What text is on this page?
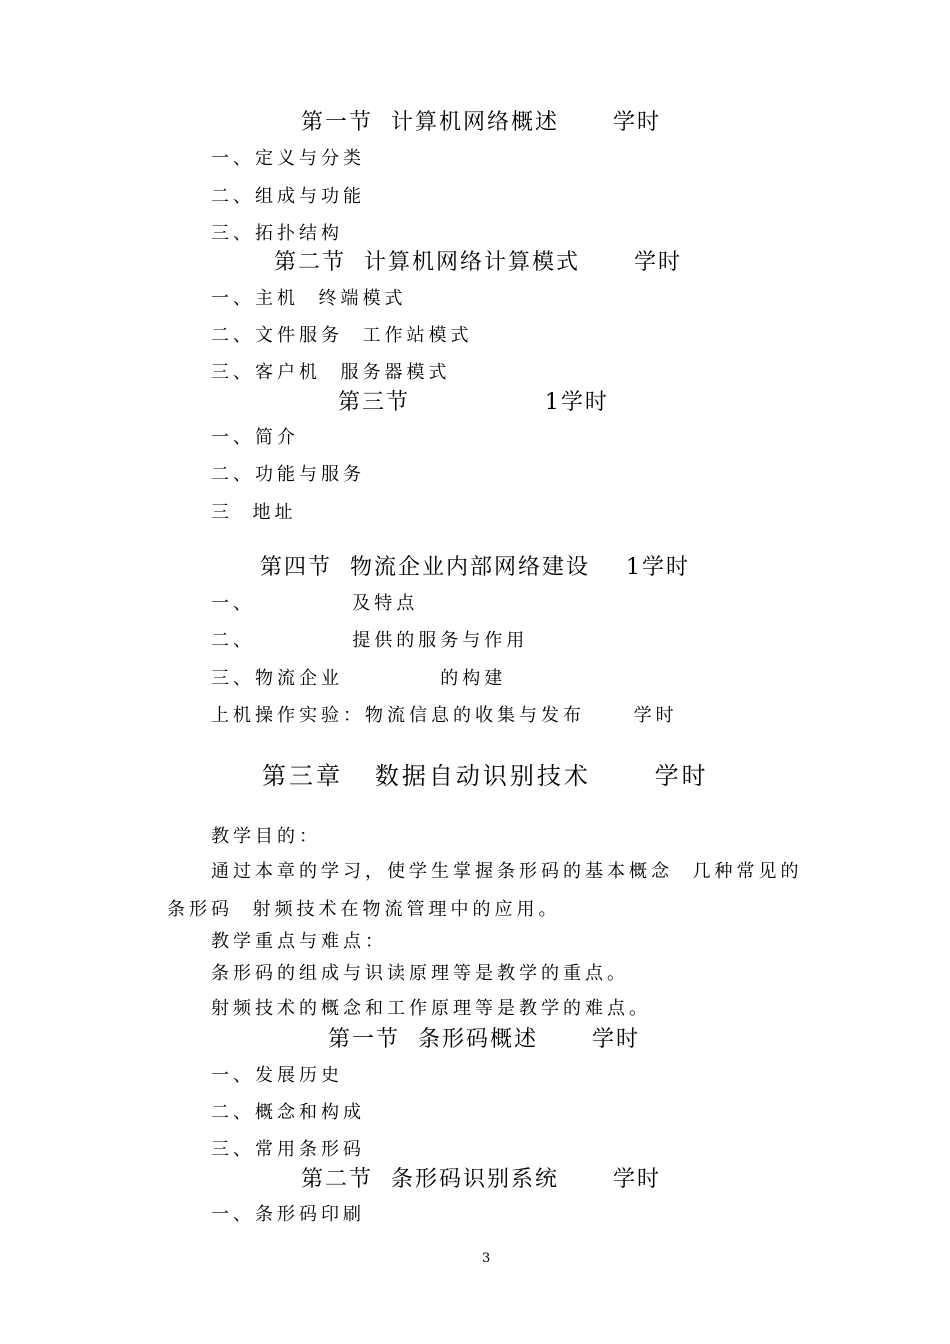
第一节  计算机网络概述      学时
一、定义与分类
二、组成与功能
三、拓扑结构
第二节  计算机网络计算模式      学时
一、主机  终端模式
二、文件服务  工作站模式
三、客户机  服务器模式
第三节               1学时
一、简介
二、功能与服务
三  地址
第四节  物流企业内部网络建设    1学时
一、          及特点
二、          提供的服务与作用
三、物流企业          的构建
上机操作实验：物流信息的收集与发布     学时
第三章   数据自动识别技术      学时
教学目的：
通过本章的学习，使学生掌握条形码的基本概念  几种常见的
条形码  射频技术在物流管理中的应用。
教学重点与难点：
条形码的组成与识读原理等是教学的重点。
射频技术的概念和工作原理等是教学的难点。
第一节  条形码概述      学时
一、发展历史
二、概念和构成
三、常用条形码
第二节  条形码识别系统      学时
一、条形码印刷
3
